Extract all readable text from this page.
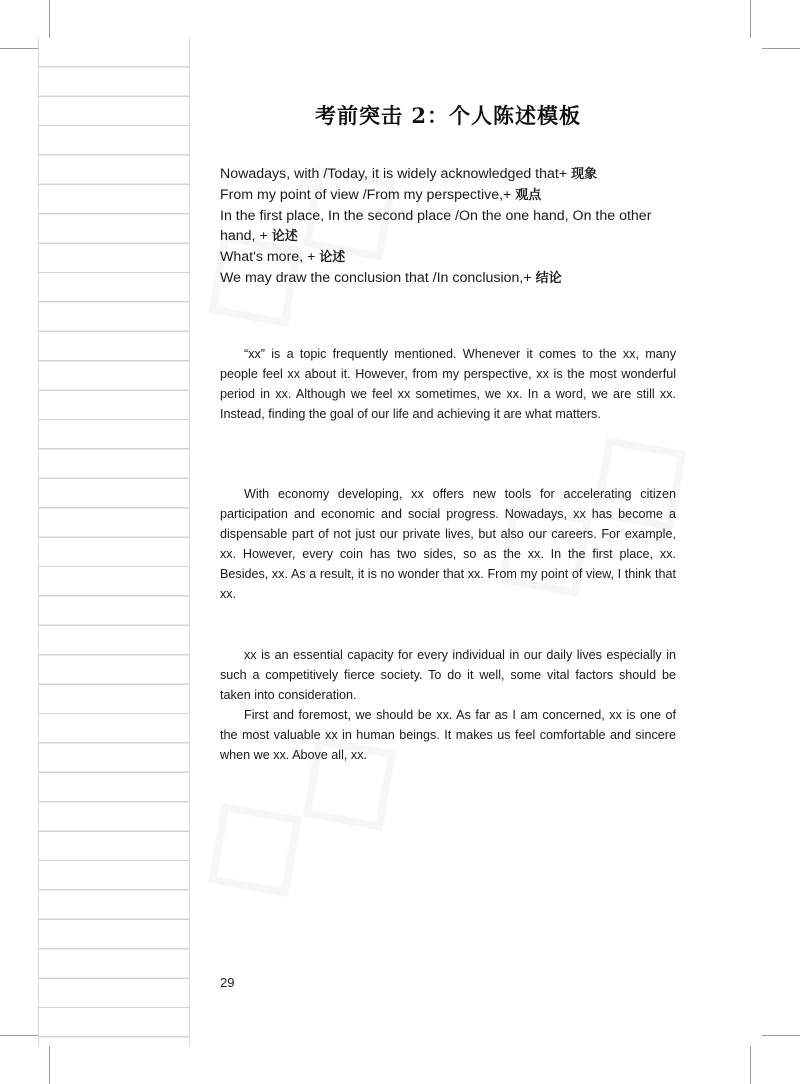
考前突击 2：个人陈述模板
Nowadays, with /Today, it is widely acknowledged that+ 现象
From my point of view /From my perspective,+ 观点
In the first place, In the second place /On the one hand, On the other hand, + 论述
What's more, + 论述
We may draw the conclusion that /In conclusion,+ 结论

“xx” is a topic frequently mentioned. Whenever it comes to the xx, many people feel xx about it. However, from my perspective, xx is the most wonderful period in xx. Although we feel xx sometimes, we xx. In a word, we are still xx. Instead, finding the goal of our life and achieving it are what matters.

With economy developing, xx offers new tools for accelerating citizen participation and economic and social progress. Nowadays, xx has become a dispensable part of not just our private lives, but also our careers. For example, xx. However, every coin has two sides, so as the xx. In the first place, xx. Besides, xx. As a result, it is no wonder that xx. From my point of view, I think that xx.

xx is an essential capacity for every individual in our daily lives especially in such a competitively fierce society. To do it well, some vital factors should be taken into consideration.

First and foremost, we should be xx. As far as I am concerned, xx is one of the most valuable xx in human beings. It makes us feel comfortable and sincere when we xx. Above all, xx.

29
